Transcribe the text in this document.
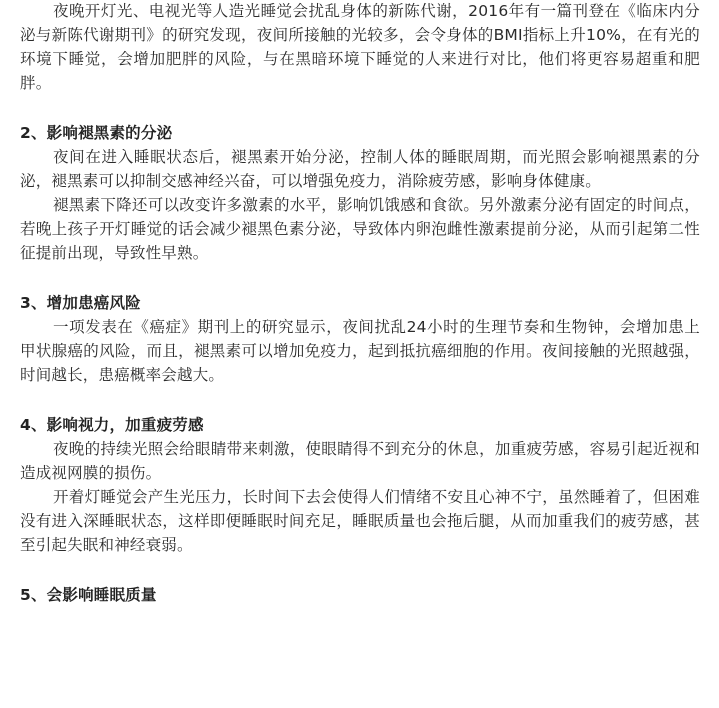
夜晚开灯光、电视光等人造光睡觉会扰乱身体的新陈代谢，2016年有一篇刊登在《临床内分泌与新陈代谢期刊》的研究发现，夜间所接触的光较多，会令身体的BMI指标上升10%，在有光的环境下睡觉，会增加肥胖的风险，与在黑暗环境下睡觉的人来进行对比，他们将更容易超重和肥胖。

2、影响褪黑素的分泌

夜间在进入睡眠状态后，褪黑素开始分泌，控制人体的睡眠周期，而光照会影响褪黑素的分泌，褪黑素可以抑制交感神经兴奋，可以增强免疫力，消除疲劳感，影响身体健康。

褪黑素下降还可以改变许多激素的水平，影响饥饿感和食欲。另外激素分泌有固定的时间点，若晚上孩子开灯睡觉的话会减少褪黑色素分泌，导致体内卵泡雌性激素提前分泌，从而引起第二性征提前出现，导致性早熟。

3、增加患癌风险

一项发表在《癌症》期刊上的研究显示，夜间扰乱24小时的生理节奏和生物钟，会增加患上甲状腺癌的风险，而且，褪黑素可以增加免疫力，起到抵抗癌细胞的作用。夜间接触的光照越强，时间越长，患癌概率会越大。

4、影响视力，加重疲劳感

夜晚的持续光照会给眼睛带来刺激，使眼睛得不到充分的休息，加重疲劳感，容易引起近视和造成视网膜的损伤。

开着灯睡觉会产生光压力，长时间下去会使得人们情绪不安且心神不宁，虽然睡着了，但困难没有进入深睡眠状态，这样即便睡眠时间充足，睡眠质量也会拖后腿，从而加重我们的疲劳感，甚至引起失眠和神经衰弱。

5、会影响睡眠质量
